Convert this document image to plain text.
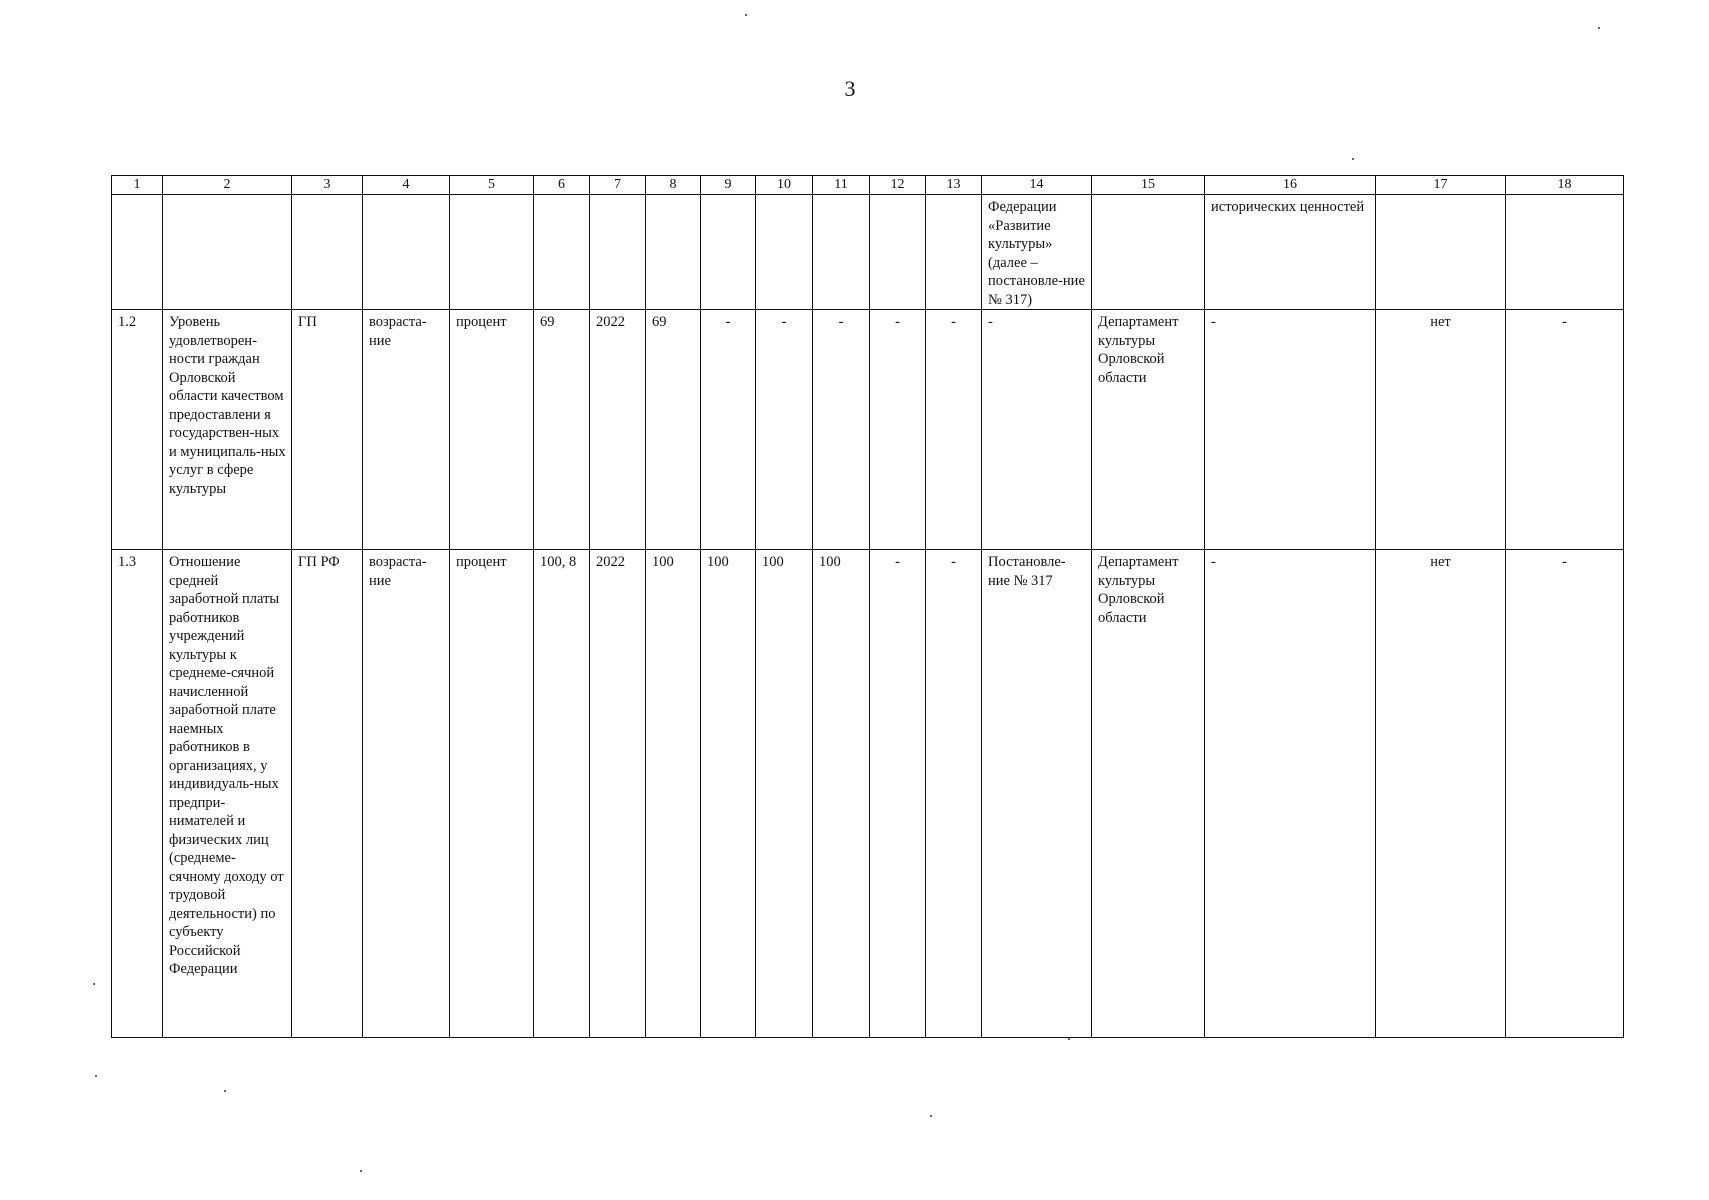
3
1	2	3	4	5	6	7	8	9	10	11	12	13	14	15	16	17	18
													Федерации «Развитие культуры» (далее – постановле-ние № 317)		исторических ценностей		
1.2	Уровень удовлетворен-ности граждан Орловской области качеством предоставлени я государствен-ных и муниципаль-ных услуг в сфере культуры	ГП	возраста-ние	процент	69	2022	69	-	-	-	-	-	-	Департамент культуры Орловской области	-	нет	-
1.3	Отношение средней заработной платы работников учреждений культуры к среднеме-сячной начисленной заработной плате наемных работников в организациях, у индивидуаль-ных предпри-нимателей и физических лиц (среднеме-сячному доходу от трудовой деятельности) по субъекту Российской Федерации	ГП РФ	возраста-ние	процент	100, 8	2022	100	100	100	100	-	-	Постановле-ние № 317	Департамент культуры Орловской области	-	нет	-
